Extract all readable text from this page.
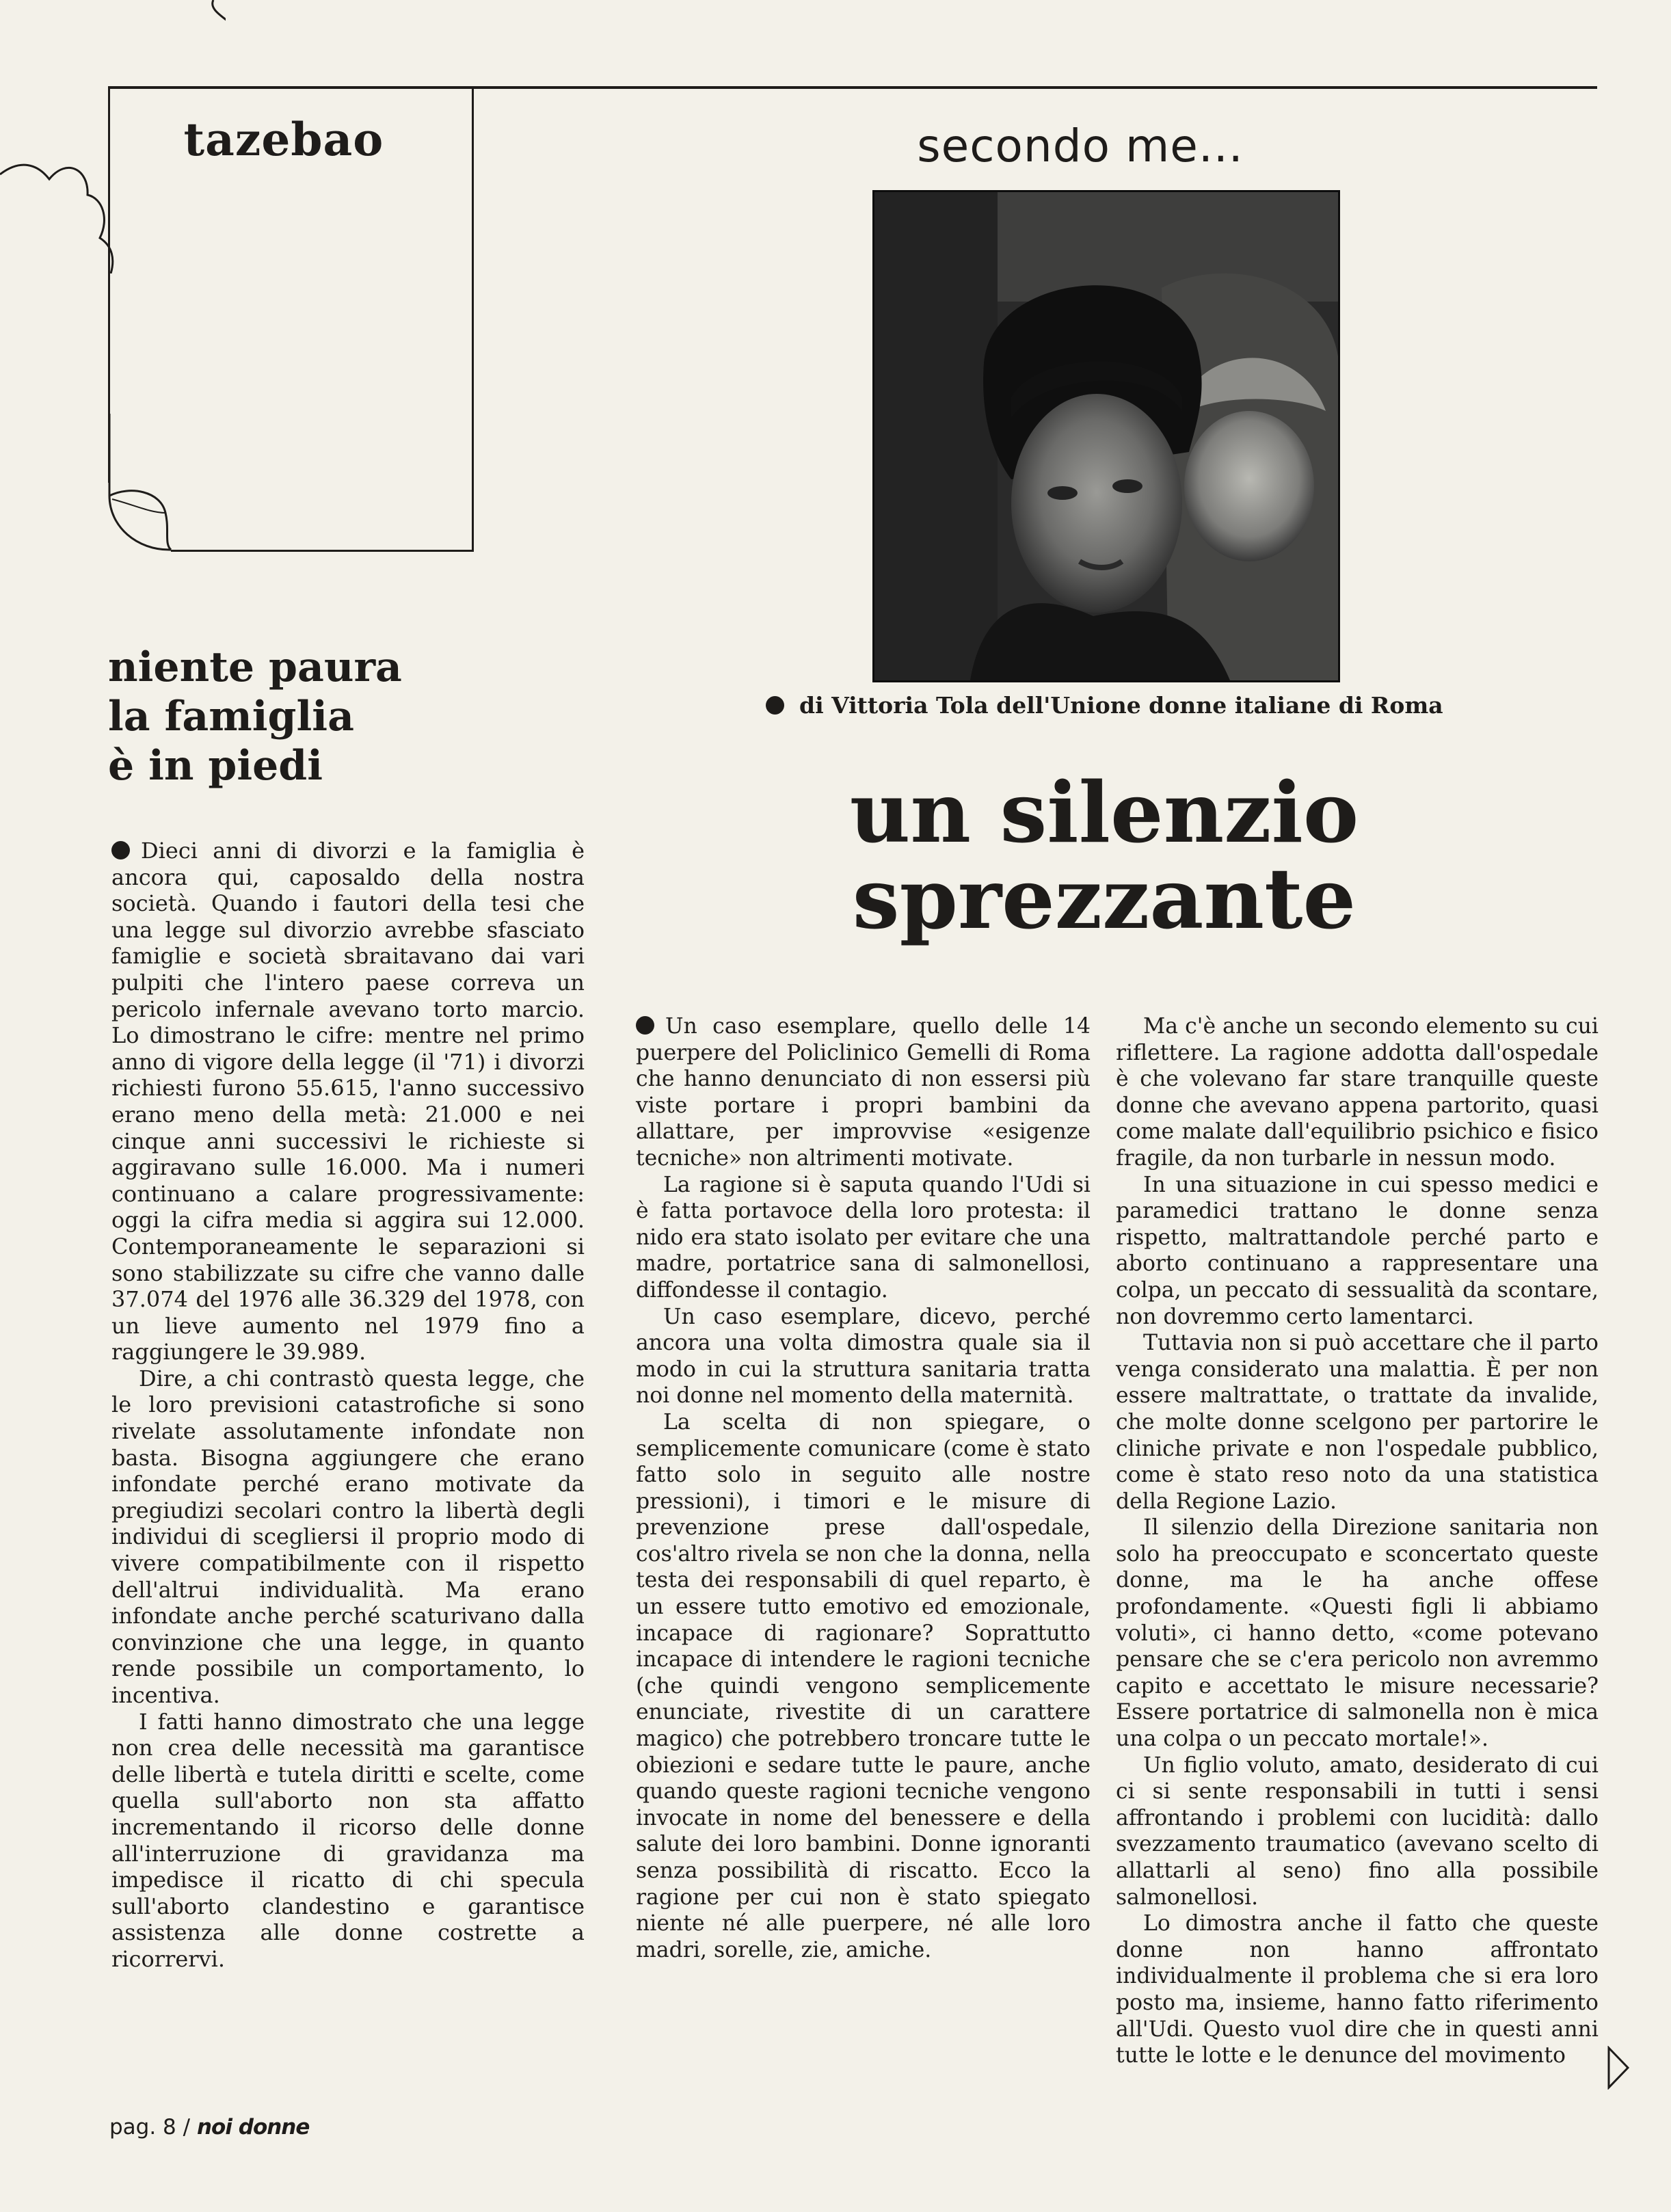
tazebao	secondo me...
di Vittoria Tola dell'Unione donne italiane di Roma
un silenzio
sprezzante
niente paura
la famiglia
è in piedi

Dieci anni di divorzi e la famiglia è ancora qui, caposaldo della nostra società. Quando i fautori della tesi che una legge sul divorzio avrebbe sfasciato famiglie e società sbraitavano dai vari pulpiti che l'intero paese correva un pericolo infernale avevano torto marcio. Lo dimostrano le cifre: mentre nel primo anno di vigore della legge (il '71) i divorzi richiesti furono 55.615, l'anno successivo erano meno della metà: 21.000 e nei cinque anni successivi le richieste si aggiravano sulle 16.000. Ma i numeri continuano a calare progressivamente: oggi la cifra media si aggira sui 12.000. Contemporaneamente le separazioni si sono stabilizzate su cifre che vanno dalle 37.074 del 1976 alle 36.329 del 1978, con un lieve aumento nel 1979 fino a raggiungere le 39.989.

Dire, a chi contrastò questa legge, che le loro previsioni catastrofiche si sono rivelate assolutamente infondate non basta. Bisogna aggiungere che erano infondate perché erano motivate da pregiudizi secolari contro la libertà degli individui di scegliersi il proprio modo di vivere compatibilmente con il rispetto dell'altrui individualità. Ma erano infondate anche perché scaturivano dalla convinzione che una legge, in quanto rende possibile un comportamento, lo incentiva.

I fatti hanno dimostrato che una legge non crea delle necessità ma garantisce delle libertà e tutela diritti e scelte, come quella sull'aborto non sta affatto incrementando il ricorso delle donne all'interruzione di gravidanza ma impedisce il ricatto di chi specula sull'aborto clandestino e garantisce assistenza alle donne costrette a ricorrervi.

Un caso esemplare, quello delle 14 puerpere del Policlinico Gemelli di Roma che hanno denunciato di non essersi più viste portare i propri bambini da allattare, per improvvise «esigenze tecniche» non altrimenti motivate.

La ragione si è saputa quando l'Udi si è fatta portavoce della loro protesta: il nido era stato isolato per evitare che una madre, portatrice sana di salmonellosi, diffondesse il contagio.

Un caso esemplare, dicevo, perché ancora una volta dimostra quale sia il modo in cui la struttura sanitaria tratta noi donne nel momento della maternità.

La scelta di non spiegare, o semplicemente comunicare (come è stato fatto solo in seguito alle nostre pressioni), i timori e le misure di prevenzione prese dall'ospedale, cos'altro rivela se non che la donna, nella testa dei responsabili di quel reparto, è un essere tutto emotivo ed emozionale, incapace di ragionare? Soprattutto incapace di intendere le ragioni tecniche (che quindi vengono semplicemente enunciate, rivestite di un carattere magico) che potrebbero troncare tutte le obiezioni e sedare tutte le paure, anche quando queste ragioni tecniche vengono invocate in nome del benessere e della salute dei loro bambini. Donne ignoranti senza possibilità di riscatto. Ecco la ragione per cui non è stato spiegato niente né alle puerpere, né alle loro madri, sorelle, zie, amiche.

Ma c'è anche un secondo elemento su cui riflettere. La ragione addotta dall'ospedale è che volevano far stare tranquille queste donne che avevano appena partorito, quasi come malate dall'equilibrio psichico e fisico fragile, da non turbarle in nessun modo.

In una situazione in cui spesso medici e paramedici trattano le donne senza rispetto, maltrattandole perché parto e aborto continuano a rappresentare una colpa, un peccato di sessualità da scontare, non dovremmo certo lamentarci.

Tuttavia non si può accettare che il parto venga considerato una malattia. È per non essere maltrattate, o trattate da invalide, che molte donne scelgono per partorire le cliniche private e non l'ospedale pubblico, come è stato reso noto da una statistica della Regione Lazio.

Il silenzio della Direzione sanitaria non solo ha preoccupato e sconcertato queste donne, ma le ha anche offese profondamente. «Questi figli li abbiamo voluti», ci hanno detto, «come potevano pensare che se c'era pericolo non avremmo capito e accettato le misure necessarie? Essere portatrice di salmonella non è mica una colpa o un peccato mortale!».

Un figlio voluto, amato, desiderato di cui ci si sente responsabili in tutti i sensi affrontando i problemi con lucidità: dallo svezzamento traumatico (avevano scelto di allattarli al seno) fino alla possibile salmonellosi.

Lo dimostra anche il fatto che queste donne non hanno affrontato individualmente il problema che si era loro posto ma, insieme, hanno fatto riferimento all'Udi. Questo vuol dire che in questi anni tutte le lotte e le denunce del movimento

pag. 8 / noi donne
